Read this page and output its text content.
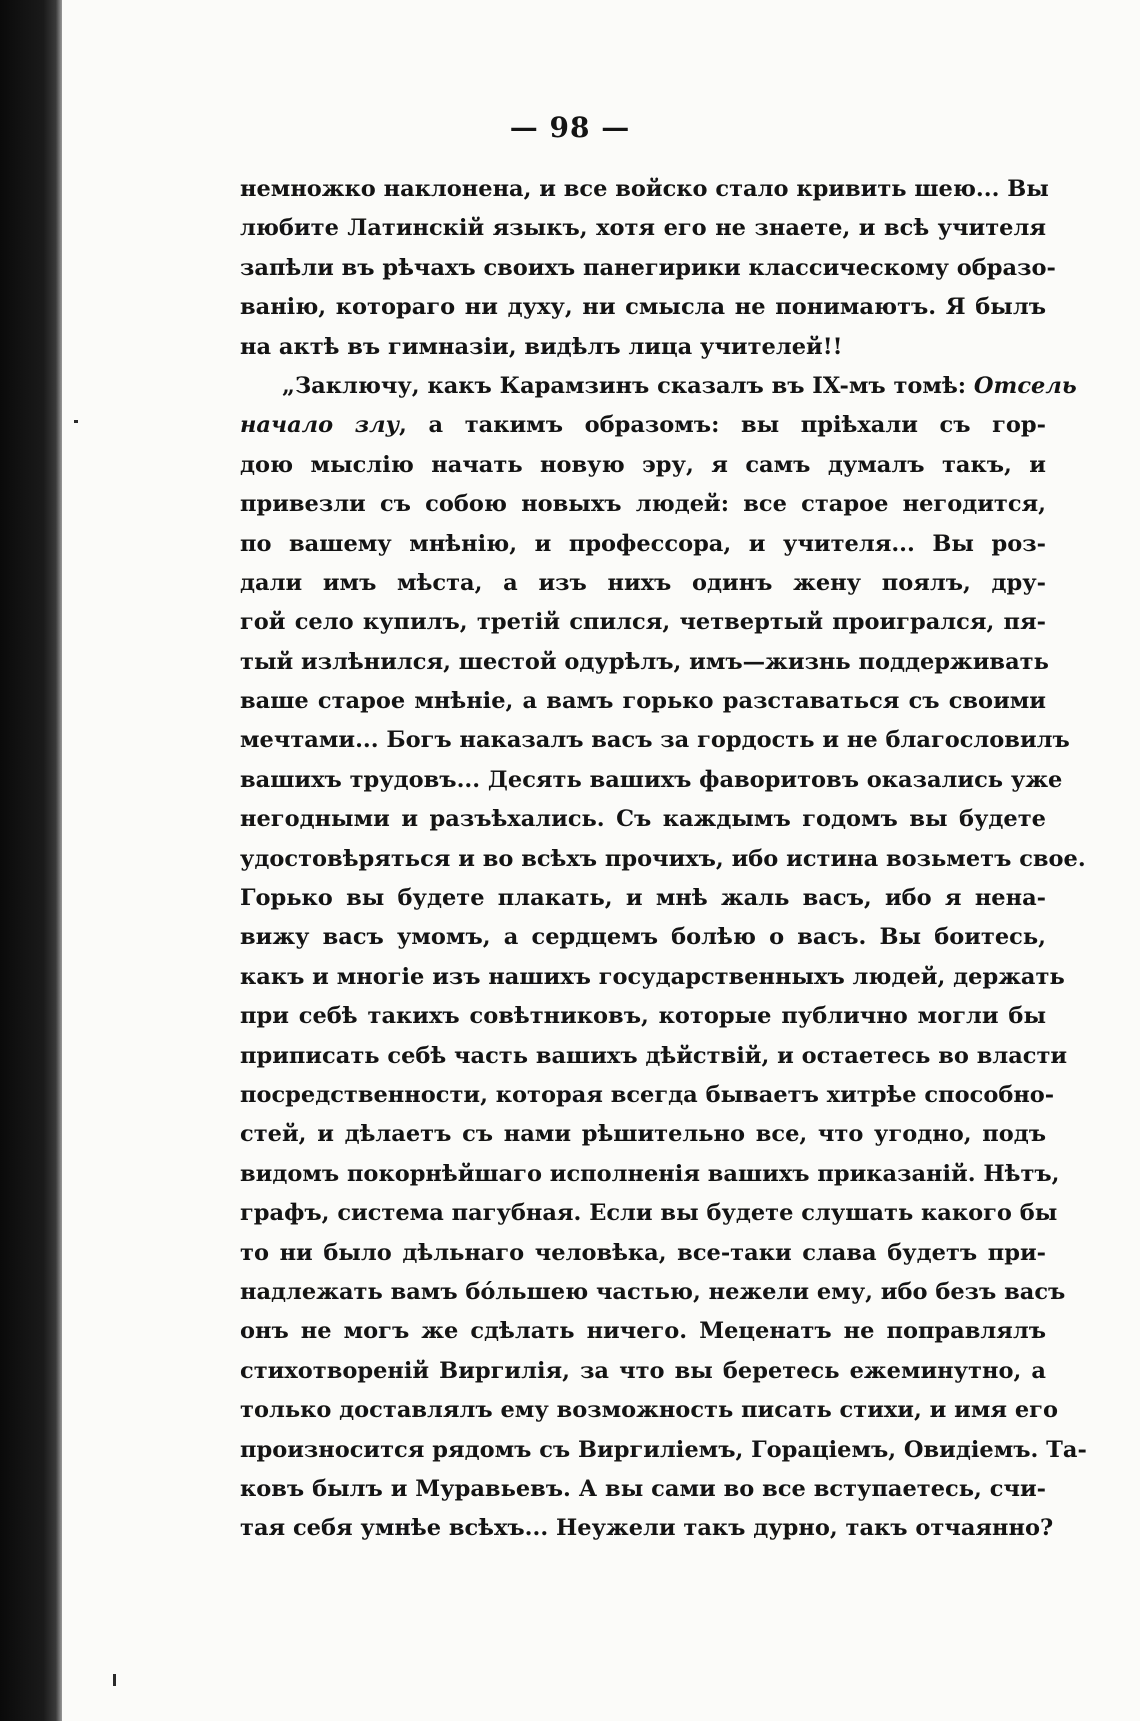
— 98 —
немножко наклонена, и все войско стало кривить шею... Вы
любите Латинскій языкъ, хотя его не знаете, и всѣ учителя
запѣли въ рѣчахъ своихъ панегирики классическому образо-
ванію, котораго ни духу, ни смысла не понимаютъ. Я былъ
на актѣ въ гимназіи, видѣлъ лица учителей!!
„Заключу, какъ Карамзинъ сказалъ въ IX-мъ томѣ: Отсель
начало злу, а такимъ образомъ: вы пріѣхали съ гор-
дою мыслію начать новую эру, я самъ думалъ такъ, и
привезли съ собою новыхъ людей: все старое негодится,
по вашему мнѣнію, и профессора, и учителя... Вы роз-
дали имъ мѣста, а изъ нихъ одинъ жену поялъ, дру-
гой село купилъ, третій спился, четвертый проигрался, пя-
тый излѣнился, шестой одурѣлъ, имъ—жизнь поддерживать
ваше старое мнѣніе, а вамъ горько разставаться съ своими
мечтами... Богъ наказалъ васъ за гордость и не благословилъ
вашихъ трудовъ... Десять вашихъ фаворитовъ оказались уже
негодными и разъѣхались. Съ каждымъ годомъ вы будете
удостовѣряться и во всѣхъ прочихъ, ибо истина возьметъ свое.
Горько вы будете плакать, и мнѣ жаль васъ, ибо я нена-
вижу васъ умомъ, а сердцемъ болѣю о васъ. Вы боитесь,
какъ и многіе изъ нашихъ государственныхъ людей, держать
при себѣ такихъ совѣтниковъ, которые публично могли бы
приписать себѣ часть вашихъ дѣйствій, и остаетесь во власти
посредственности, которая всегда бываетъ хитрѣе способно-
стей, и дѣлаетъ съ нами рѣшительно все, что угодно, подъ
видомъ покорнѣйшаго исполненія вашихъ приказаній. Нѣтъ,
графъ, система пагубная. Если вы будете слушать какого бы
то ни было дѣльнаго человѣка, все-таки слава будетъ при-
надлежать вамъ бóльшею частью, нежели ему, ибо безъ васъ
онъ не могъ же сдѣлать ничего. Меценатъ не поправлялъ
стихотвореній Виргилія, за что вы беретесь ежеминутно, а
только доставлялъ ему возможность писать стихи, и имя его
произносится рядомъ съ Виргиліемъ, Гораціемъ, Овидіемъ. Та-
ковъ былъ и Муравьевъ. А вы сами во все вступаетесь, счи-
тая себя умнѣе всѣхъ... Неужели такъ дурно, такъ отчаянно?
